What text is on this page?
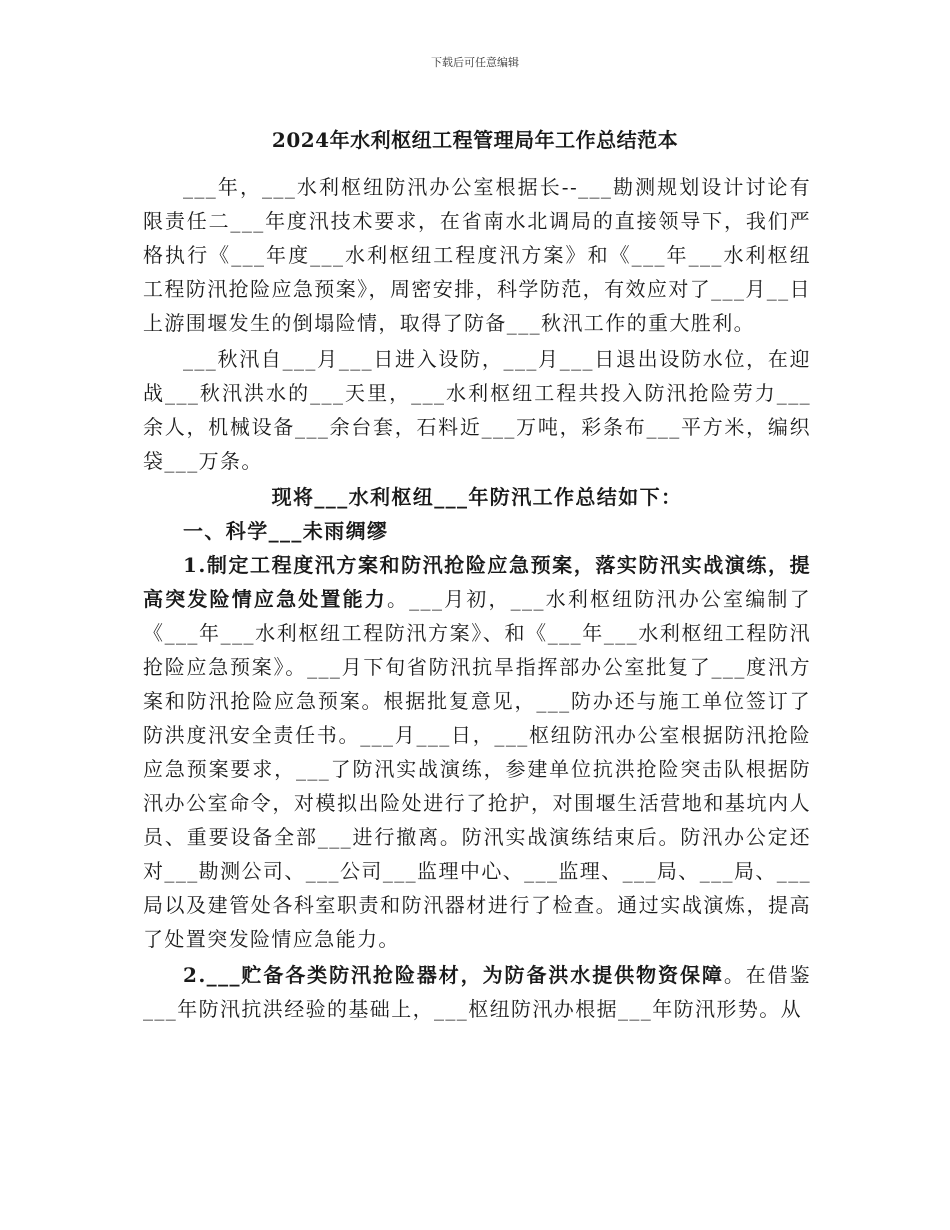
下载后可任意编辑
2024年水利枢纽工程管理局年工作总结范本

___年，___水利枢纽防汛办公室根据长--___勘测规划设计讨论有限责任二___年度汛技术要求，在省南水北调局的直接领导下，我们严格执行《___年度___水利枢纽工程度汛方案》和《___年___水利枢纽工程防汛抢险应急预案》，周密安排，科学防范，有效应对了___月__日上游围堰发生的倒塌险情，取得了防备___秋汛工作的重大胜利。

___秋汛自___月___日进入设防，___月___日退出设防水位，在迎战___秋汛洪水的___天里，___水利枢纽工程共投入防汛抢险劳力___余人，机械设备___余台套，石料近___万吨，彩条布___平方米，编织袋___万条。

现将___水利枢纽___年防汛工作总结如下：

一、科学___未雨绸缪

1.制定工程度汛方案和防汛抢险应急预案，落实防汛实战演练，提高突发险情应急处置能力。___月初，___水利枢纽防汛办公室编制了《___年___水利枢纽工程防汛方案》、和《___年___水利枢纽工程防汛抢险应急预案》。___月下旬省防汛抗旱指挥部办公室批复了___度汛方案和防汛抢险应急预案。根据批复意见，___防办还与施工单位签订了防洪度汛安全责任书。___月___日，___枢纽防汛办公室根据防汛抢险应急预案要求，___了防汛实战演练，参建单位抗洪抢险突击队根据防汛办公室命令，对模拟出险处进行了抢护，对围堰生活营地和基坑内人员、重要设备全部___进行撤离。防汛实战演练结束后。防汛办公定还对___勘测公司、___公司___监理中心、___监理、___局、___局、___局以及建管处各科室职责和防汛器材进行了检查。通过实战演炼，提高了处置突发险情应急能力。

2.___贮备各类防汛抢险器材，为防备洪水提供物资保障。在借鉴___年防汛抗洪经验的基础上，___枢纽防汛办根据___年防汛形势。从
